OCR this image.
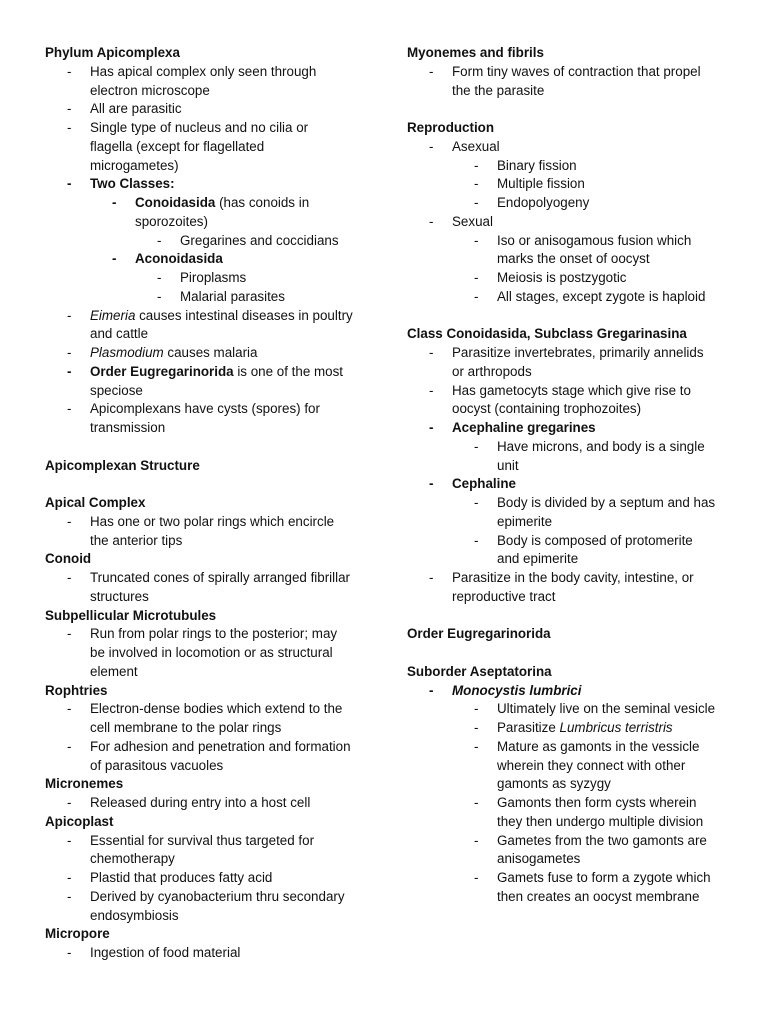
Phylum Apicomplexa
- Has apical complex only seen through
electron microscope
- All are parasitic
- Single type of nucleus and no cilia or
flagella (except for flagellated
microgametes)
- Two Classes:
- Conoidasida (has conoids in
sporozoites)
- Gregarines and coccidians
- Aconoidasida
- Piroplasms
- Malarial parasites
- Eimeria causes intestinal diseases in poultry
and cattle
- Plasmodium causes malaria
- Order Eugregarinorida is one of the most
speciose
- Apicomplexans have cysts (spores) for
transmission
Apicomplexan Structure
Apical Complex
- Has one or two polar rings which encircle
the anterior tips
Conoid
- Truncated cones of spirally arranged fibrillar
structures
Subpellicular Microtubules
- Run from polar rings to the posterior; may
be involved in locomotion or as structural
element
Rophtries
- Electron-dense bodies which extend to the
cell membrane to the polar rings
- For adhesion and penetration and formation
of parasitous vacuoles
Micronemes
- Released during entry into a host cell
Apicoplast
- Essential for survival thus targeted for
chemotherapy
- Plastid that produces fatty acid
- Derived by cyanobacterium thru secondary
endosymbiosis
Micropore
- Ingestion of food material
Myonemes and fibrils
- Form tiny waves of contraction that propel
the the parasite
Reproduction
- Asexual
- Binary fission
- Multiple fission
- Endopolyogeny
- Sexual
- Iso or anisogamous fusion which
marks the onset of oocyst
- Meiosis is postzygotic
- All stages, except zygote is haploid
Class Conoidasida, Subclass Gregarinasina
- Parasitize invertebrates, primarily annelids
or arthropods
- Has gametocyts stage which give rise to
oocyst (containing trophozoites)
- Acephaline gregarines
- Have microns, and body is a single
unit
- Cephaline
- Body is divided by a septum and has
epimerite
- Body is composed of protomerite
and epimerite
- Parasitize in the body cavity, intestine, or
reproductive tract
Order Eugregarinorida
Suborder Aseptatorina
- Monocystis lumbrici
- Ultimately live on the seminal vesicle
- Parasitize Lumbricus terristris
- Mature as gamonts in the vessicle
wherein they connect with other
gamonts as syzygy
- Gamonts then form cysts wherein
they then undergo multiple division
- Gametes from the two gamonts are
anisogametes
- Gamets fuse to form a zygote which
then creates an oocyst membrane
